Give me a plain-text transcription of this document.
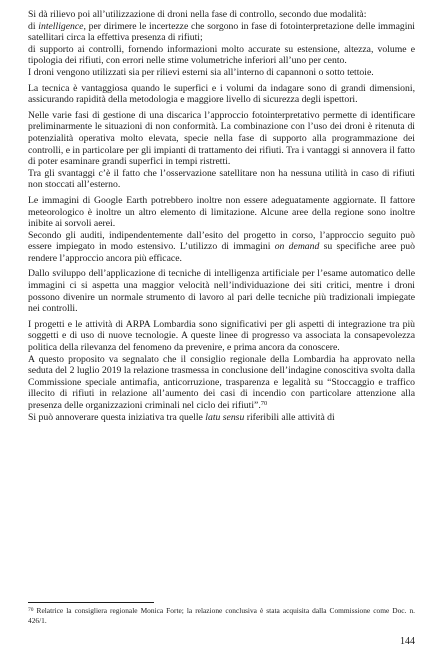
Si dà rilievo poi all’utilizzazione di droni nella fase di controllo, secondo due modalità:

di intelligence, per dirimere le incertezze che sorgono in fase di fotointerpretazione delle immagini satellitari circa la effettiva presenza di rifiuti;

di supporto ai controlli, fornendo informazioni molto accurate su estensione, altezza, volume e tipologia dei rifiuti, con errori nelle stime volumetriche inferiori all’uno per cento.

I droni vengono utilizzati sia per rilievi esterni sia all’interno di capannoni o sotto tettoie.

La tecnica è vantaggiosa quando le superfici e i volumi da indagare sono di grandi dimensioni, assicurando rapidità della metodologia e maggiore livello di sicurezza degli ispettori.

Nelle varie fasi di gestione di una discarica l’approccio fotointerpretativo permette di identificare preliminarmente le situazioni di non conformità. La combinazione con l’uso dei droni è ritenuta di potenzialità operativa molto elevata, specie nella fase di supporto alla programmazione dei controlli, e in particolare per gli impianti di trattamento dei rifiuti. Tra i vantaggi si annovera il fatto di poter esaminare grandi superfici in tempi ristretti.

Tra gli svantaggi c’è il fatto che l’osservazione satellitare non ha nessuna utilità in caso di rifiuti non stoccati all’esterno.

Le immagini di Google Earth potrebbero inoltre non essere adeguatamente aggiornate. Il fattore meteorologico è inoltre un altro elemento di limitazione. Alcune aree della regione sono inoltre inibite ai sorvoli aerei.

Secondo gli auditi, indipendentemente dall’esito del progetto in corso, l’approccio seguito può essere impiegato in modo estensivo. L’utilizzo di immagini on demand su specifiche aree può rendere l’approccio ancora più efficace.

Dallo sviluppo dell’applicazione di tecniche di intelligenza artificiale per l’esame automatico delle immagini ci si aspetta una maggior velocità nell’individuazione dei siti critici, mentre i droni possono divenire un normale strumento di lavoro al pari delle tecniche più tradizionali impiegate nei controlli.

I progetti e le attività di ARPA Lombardia sono significativi per gli aspetti di integrazione tra più soggetti e di uso di nuove tecnologie. A queste linee di progresso va associata la consapevolezza politica della rilevanza del fenomeno da prevenire, e prima ancora da conoscere.

A questo proposito va segnalato che il consiglio regionale della Lombardia ha approvato nella seduta del 2 luglio 2019 la relazione trasmessa in conclusione dell’indagine conoscitiva svolta dalla Commissione speciale antimafia, anticorruzione, trasparenza e legalità su “Stoccaggio e traffico illecito di rifiuti in relazione all’aumento dei casi di incendio con particolare attenzione alla presenza delle organizzazioni criminali nel ciclo dei rifiuti”.$^{70}$

Si può annoverare questa iniziativa tra quelle latu sensu riferibili alle attività di

$^{70}$ Relatrice la consigliera regionale Monica Forte; la relazione conclusiva è stata acquisita dalla Commissione come Doc. n. 426/1.
144
